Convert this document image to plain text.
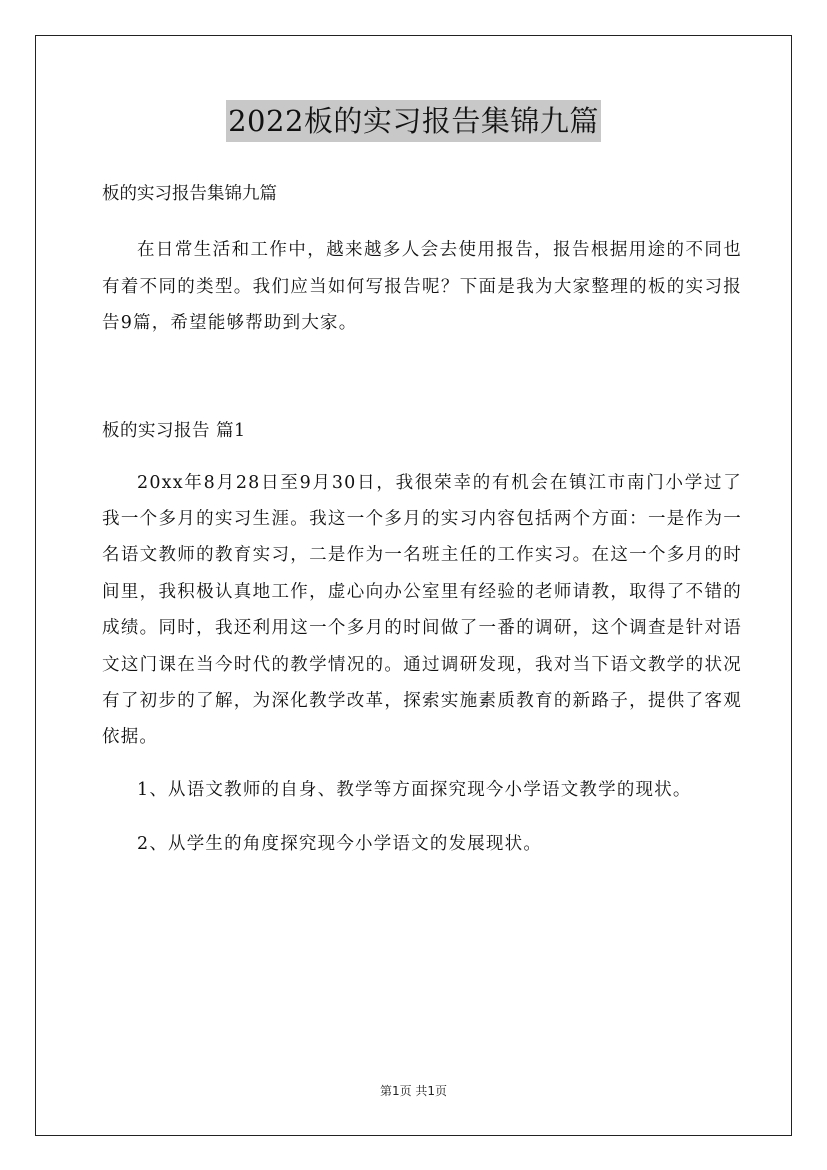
2022板的实习报告集锦九篇

板的实习报告集锦九篇

在日常生活和工作中，越来越多人会去使用报告，报告根据用途的不同也有着不同的类型。我们应当如何写报告呢？下面是我为大家整理的板的实习报告9篇，希望能够帮助到大家。

板的实习报告 篇1

20xx年8月28日至9月30日，我很荣幸的有机会在镇江市南门小学过了我一个多月的实习生涯。我这一个多月的实习内容包括两个方面：一是作为一名语文教师的教育实习，二是作为一名班主任的工作实习。在这一个多月的时间里，我积极认真地工作，虚心向办公室里有经验的老师请教，取得了不错的成绩。同时，我还利用这一个多月的时间做了一番的调研，这个调查是针对语文这门课在当今时代的教学情况的。通过调研发现，我对当下语文教学的状况有了初步的了解，为深化教学改革，探索实施素质教育的新路子，提供了客观依据。

1、从语文教师的自身、教学等方面探究现今小学语文教学的现状。

2、从学生的角度探究现今小学语文的发展现状。

第1页 共1页
